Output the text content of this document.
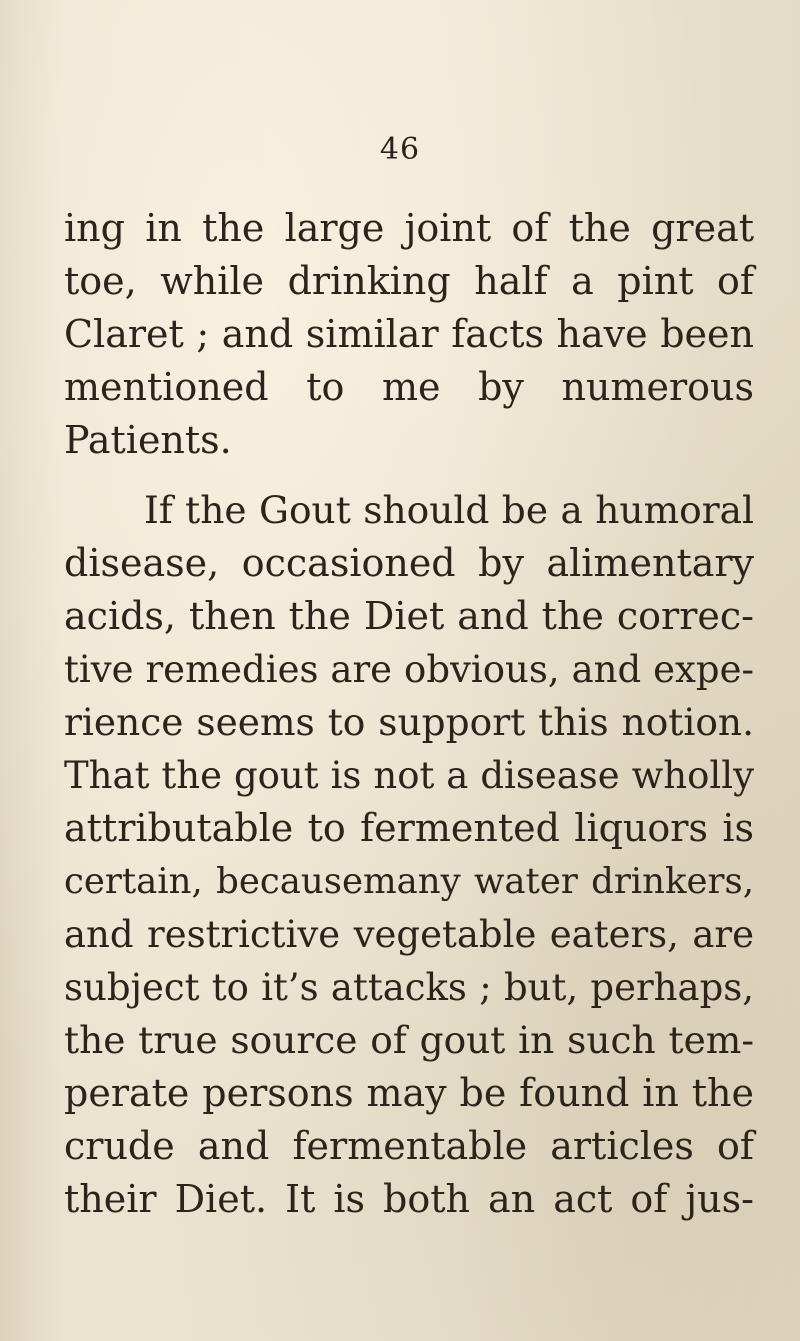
46
ing in the large joint of the great
toe, while drinking half a pint of
Claret ; and similar facts have been
mentioned to me by numerous
Patients.
If the Gout should be a humoral
disease, occasioned by alimentary
acids, then the Diet and the correc-
tive remedies are obvious, and expe-
rience seems to support this notion.
That the gout is not a disease wholly
attributable to fermented liquors is
certain, becausemany water drinkers,
and restrictive vegetable eaters, are
subject to it’s attacks ; but, perhaps,
the true source of gout in such tem-
perate persons may be found in the
crude and fermentable articles of
their Diet. It is both an act of jus-
